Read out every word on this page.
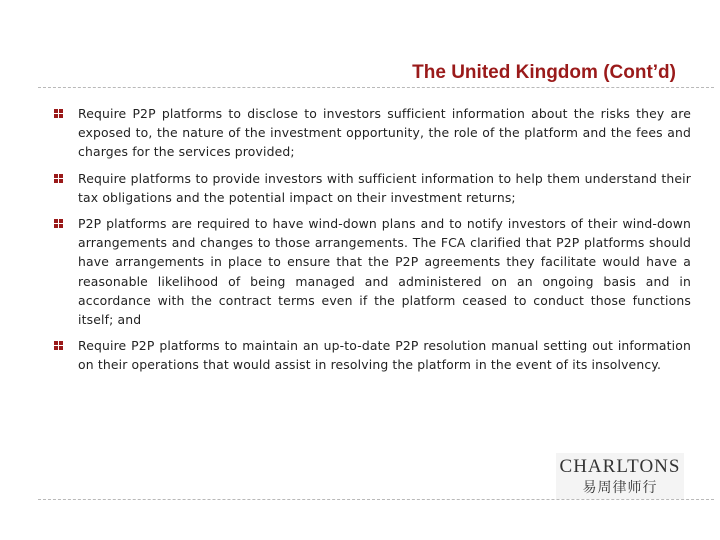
The United Kingdom (Cont’d)
Require P2P platforms to disclose to investors sufficient information about the risks they are exposed to, the nature of the investment opportunity, the role of the platform and the fees and charges for the services provided;
Require platforms to provide investors with sufficient information to help them understand their tax obligations and the potential impact on their investment returns;
P2P platforms are required to have wind-down plans and to notify investors of their wind-down arrangements and changes to those arrangements. The FCA clarified that P2P platforms should have arrangements in place to ensure that the P2P agreements they facilitate would have a reasonable likelihood of being managed and administered on an ongoing basis and in accordance with the contract terms even if the platform ceased to conduct those functions itself; and
Require P2P platforms to maintain an up-to-date P2P resolution manual setting out information on their operations that would assist in resolving the platform in the event of its insolvency.
CHARLTONS
易周律师行
